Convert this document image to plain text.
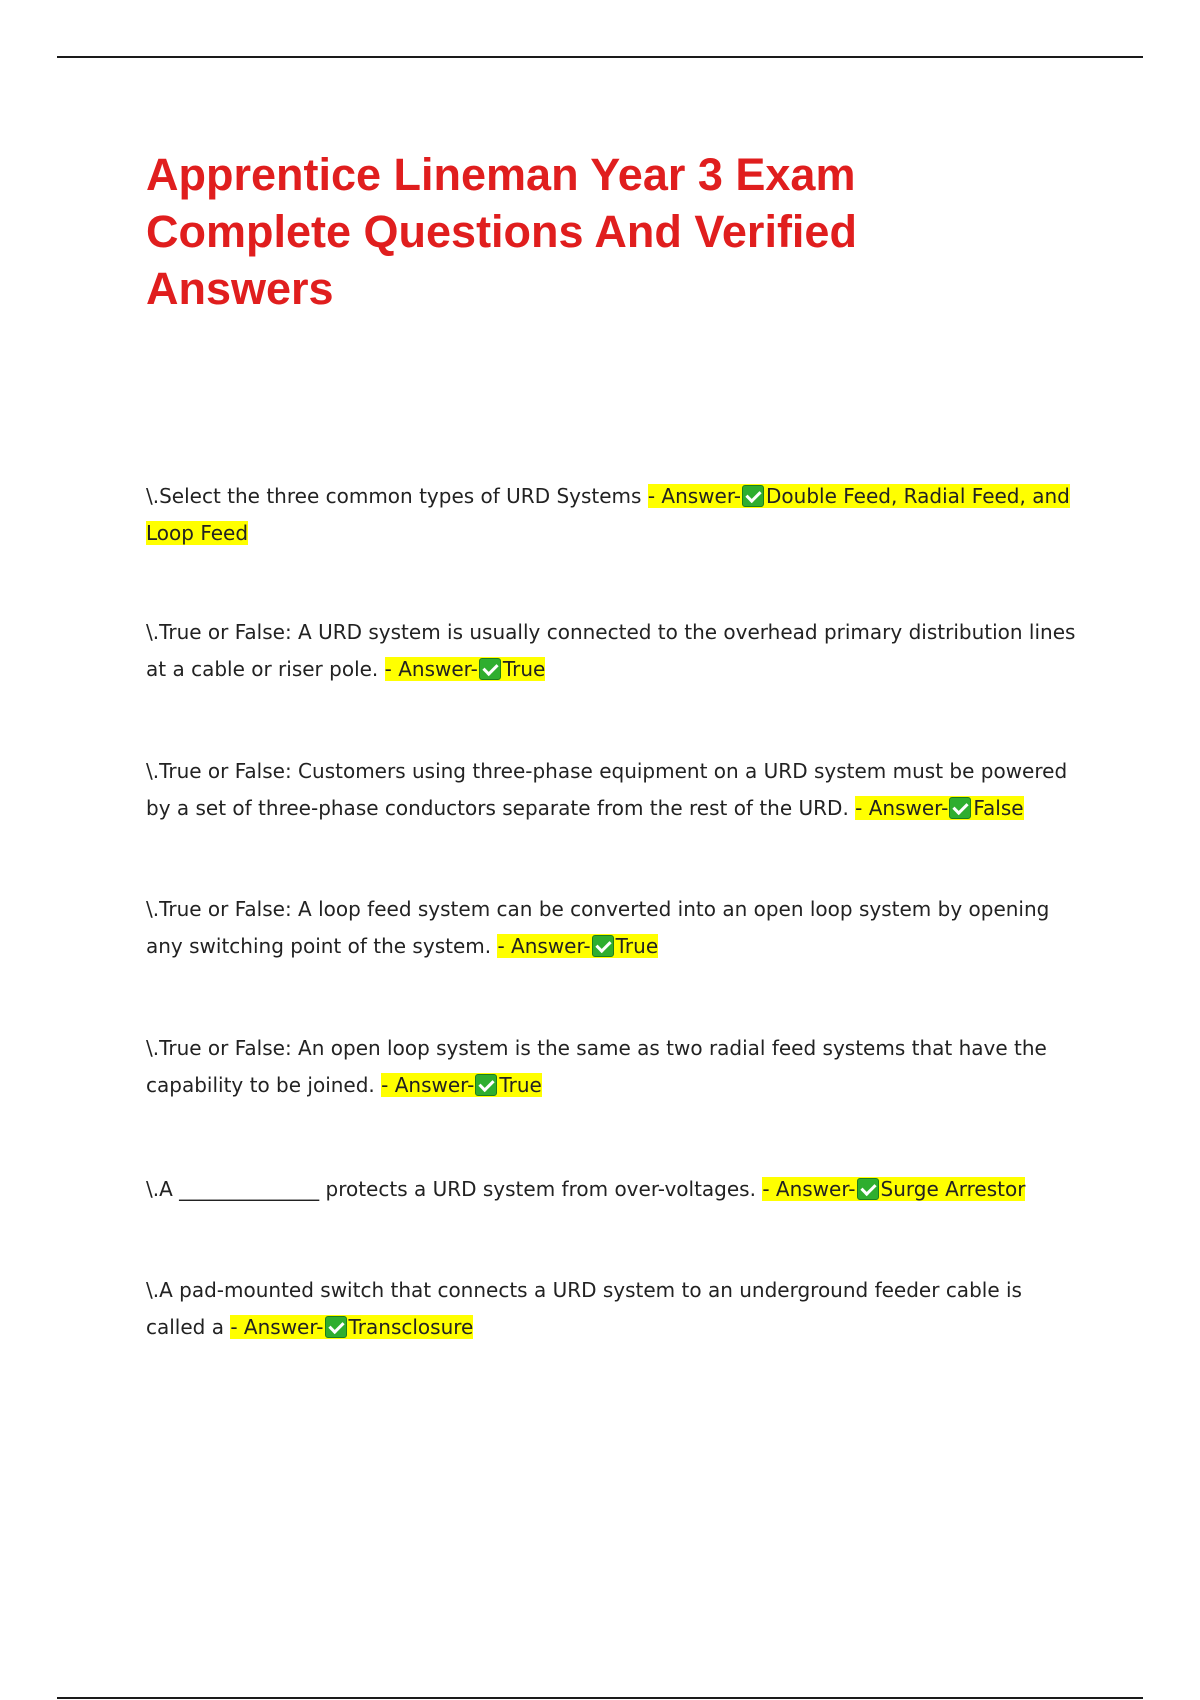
Apprentice Lineman Year 3 Exam Complete Questions And Verified Answers

\.Select the three common types of URD Systems - Answer- Double Feed, Radial Feed, and Loop Feed

\.True or False: A URD system is usually connected to the overhead primary distribution lines at a cable or riser pole. - Answer- True

\.True or False: Customers using three-phase equipment on a URD system must be powered by a set of three-phase conductors separate from the rest of the URD. - Answer- False

\.True or False: A loop feed system can be converted into an open loop system by opening any switching point of the system. - Answer- True

\.True or False: An open loop system is the same as two radial feed systems that have the capability to be joined. - Answer- True

\.A ______________ protects a URD system from over-voltages. - Answer- Surge Arrestor

\.A pad-mounted switch that connects a URD system to an underground feeder cable is called a - Answer- Transclosure
